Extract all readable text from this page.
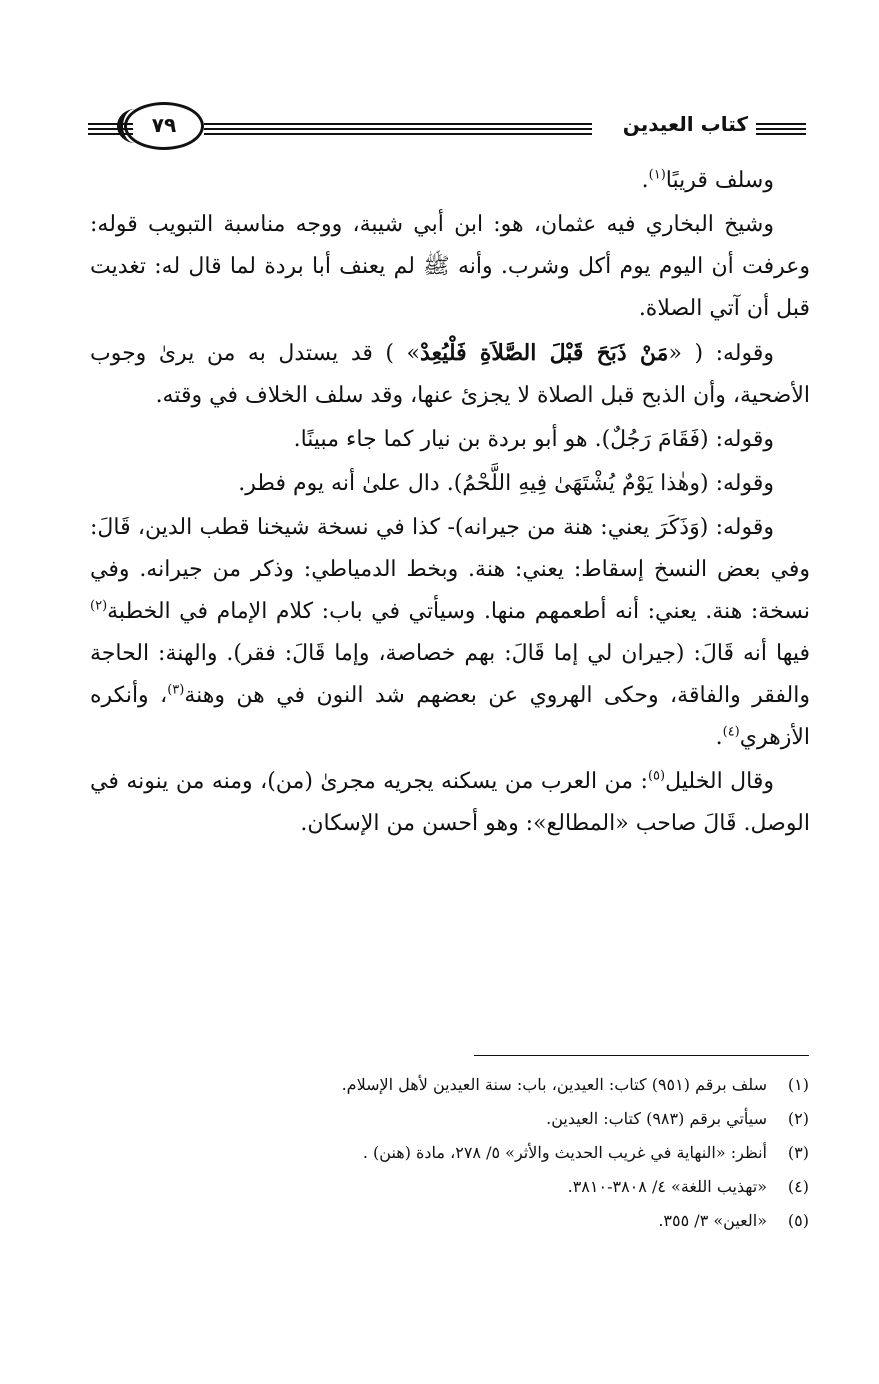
٧٩	كتاب العيدين

وسلف قريبًا$^{(١)}$.

وشيخ البخاري فيه عثمان، هو: ابن أبي شيبة، ووجه مناسبة التبويب قوله: وعرفت أن اليوم يوم أكل وشرب. وأنه ﷺ لم يعنف أبا بردة لما قال له: تغديت قبل أن آتي الصلاة.

وقوله: ( «مَنْ ذَبَحَ قَبْلَ الصَّلاَةِ فَلْيُعِدْ» ) قد يستدل به من يرىٰ وجوب الأضحية، وأن الذبح قبل الصلاة لا يجزئ عنها، وقد سلف الخلاف في وقته.

وقوله: (فَقَامَ رَجُلٌ). هو أبو بردة بن نيار كما جاء مبينًا.

وقوله: (وهٰذا يَوْمٌ يُشْتَهَىٰ فِيهِ اللَّحْمُ). دال علىٰ أنه يوم فطر.

وقوله: (وَذَكَرَ يعني: هنة من جيرانه)- كذا في نسخة شيخنا قطب الدين، قَالَ: وفي بعض النسخ إسقاط: يعني: هنة. وبخط الدمياطي: وذكر من جيرانه. وفي نسخة: هنة. يعني: أنه أطعمهم منها. وسيأتي في باب: كلام الإمام في الخطبة$^{(٢)}$ فيها أنه قَالَ: (جيران لي إما قَالَ: بهم خصاصة، وإما قَالَ: فقر). والهنة: الحاجة والفقر والفاقة، وحكى الهروي عن بعضهم شد النون في هن وهنة$^{(٣)}$، وأنكره الأزهري$^{(٤)}$.

وقال الخليل$^{(٥)}$: من العرب من يسكنه يجريه مجرىٰ (من)، ومنه من ينونه في الوصل. قَالَ صاحب «المطالع»: وهو أحسن من الإسكان.

(١)سلف برقم (٩٥١) كتاب: العيدين، باب: سنة العيدين لأهل الإسلام.
(٢)سيأتي برقم (٩٨٣) كتاب: العيدين.
(٣)أنظر: «النهاية في غريب الحديث والأثر» ٥/ ٢٧٨، مادة (هنن) .
(٤)«تهذيب اللغة» ٤/ ٣٨٠٨-٣٨١٠.
(٥)«العين» ٣/ ٣٥٥.
